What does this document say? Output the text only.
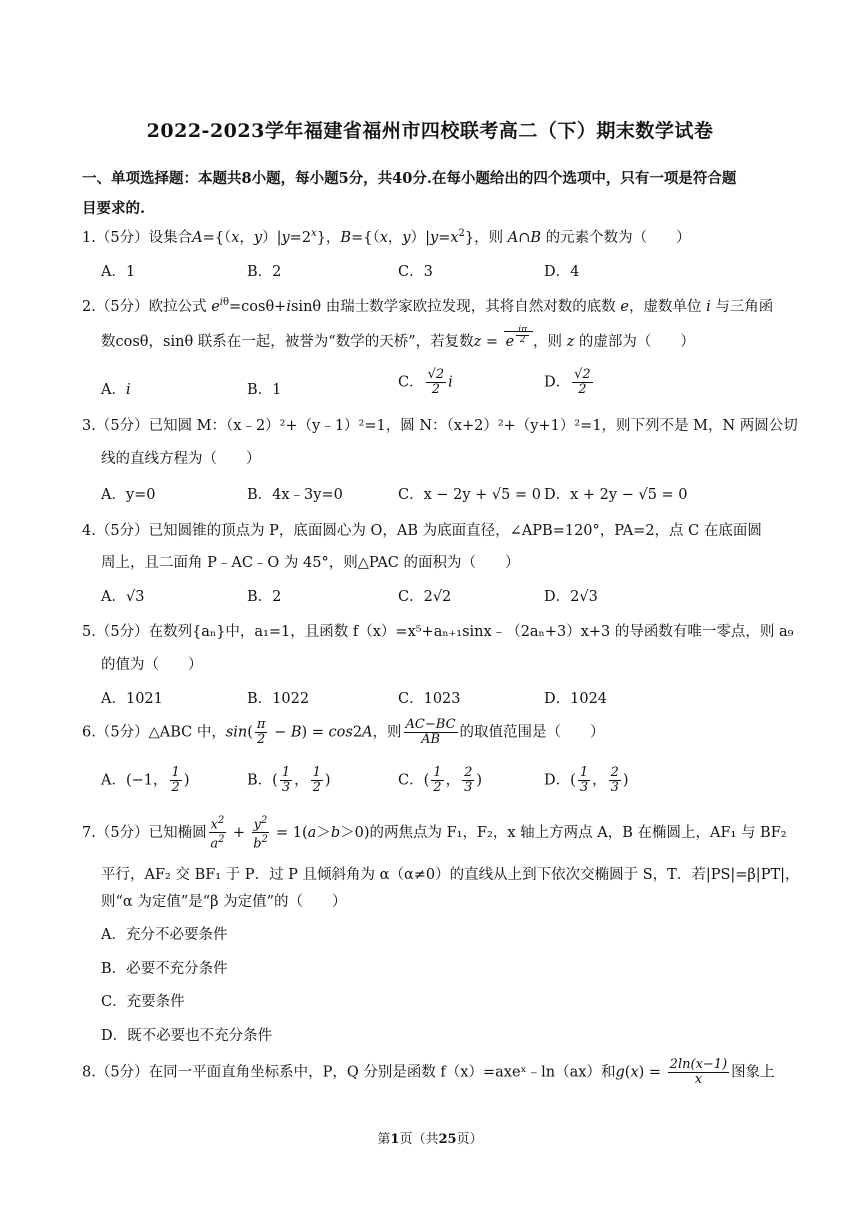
2022-2023学年福建省福州市四校联考高二（下）期末数学试卷
一、单项选择题：本题共8小题，每小题5分，共40分.在每小题给出的四个选项中，只有一项是符合题
目要求的.
1.（5分）设集合A={（x，$y)|y=2^x$}，B={（x，$y)|y=x^2$}，则 A∩B 的元素个数为（　　）
A．1	B．2	C．3	D．4
2.（5分）欧拉公式 $e^{i\theta}=\cos\theta+isin\theta$ 由瑞士数学家欧拉发现，其将自然对数的底数 e，虚数单位 i 与三角函
数cosθ，sinθ 联系在一起，被誉为“数学的天桥”，若复数z = e $^{\frac{i\pi}{2}}$ ，则 z 的虚部为（　　）
A．i	B．1	C． $\frac{√2}{2}$ i	D． $\frac{√2}{2}$
3.（5分）已知圆 M：（x﹣2）²+（y﹣1）²=1，圆 N：（x+2）²+（y+1）²=1，则下列不是 M，N 两圆公切
线的直线方程为（　　）
A．y=0	B．4x﹣3y=0	C．x − 2y + √5 = 0 D．x + 2y − √5 = 0
4.（5分）已知圆锥的顶点为 P，底面圆心为 O，AB 为底面直径，∠APB=120°，PA=2，点 C 在底面圆
周上，且二面角 P﹣AC﹣O 为 45°，则△PAC 的面积为（　　）
A．√3	B．2	C．2√2	D．2√3
5.（5分）在数列{aₙ}中，a₁=1，且函数 f（x）=x⁵+aₙ₊₁sinx﹣（2aₙ+3）x+3 的导函数有唯一零点，则 a₉
的值为（　　）
A．1021	B．1022	C．1023	D．1024
6.（5分）△ABC 中，$\sin( \frac{\pi}{2} - B) = \cos 2A$，则 $\frac{AC-BC}{AB}$ 的取值范围是（　　）
A．(−1， $\frac{1}{2}$ )	B．( $\frac{1}{3}$ ， $\frac{1}{2}$ )	C．( $\frac{1}{2}$ ， $\frac{2}{3}$ )	D．( $\frac{1}{3}$ ， $\frac{2}{3}$ )
7.（5分）已知椭圆 $\frac{x^2}{a^2} + \frac{y^2}{b^2} = 1(a>b>0)$的两焦点为 F₁，F₂，x 轴上方两点 A，B 在椭圆上，AF₁ 与 BF₂
平行，AF₂ 交 BF₁ 于 P．过 P 且倾斜角为 α（α≠0）的直线从上到下依次交椭圆于 S，T．若|PS|=β|PT|，
则“α 为定值”是“β 为定值”的（　　）
A．充分不必要条件
B．必要不充分条件
C．充要条件
D．既不必要也不充分条件
8.（5分）在同一平面直角坐标系中，P，Q 分别是函数 f（x）=axeˣ﹣ln（ax）和$g(x) = \frac{2\ln(x-1)}{x}$ 图象上
第1页（共25页）
